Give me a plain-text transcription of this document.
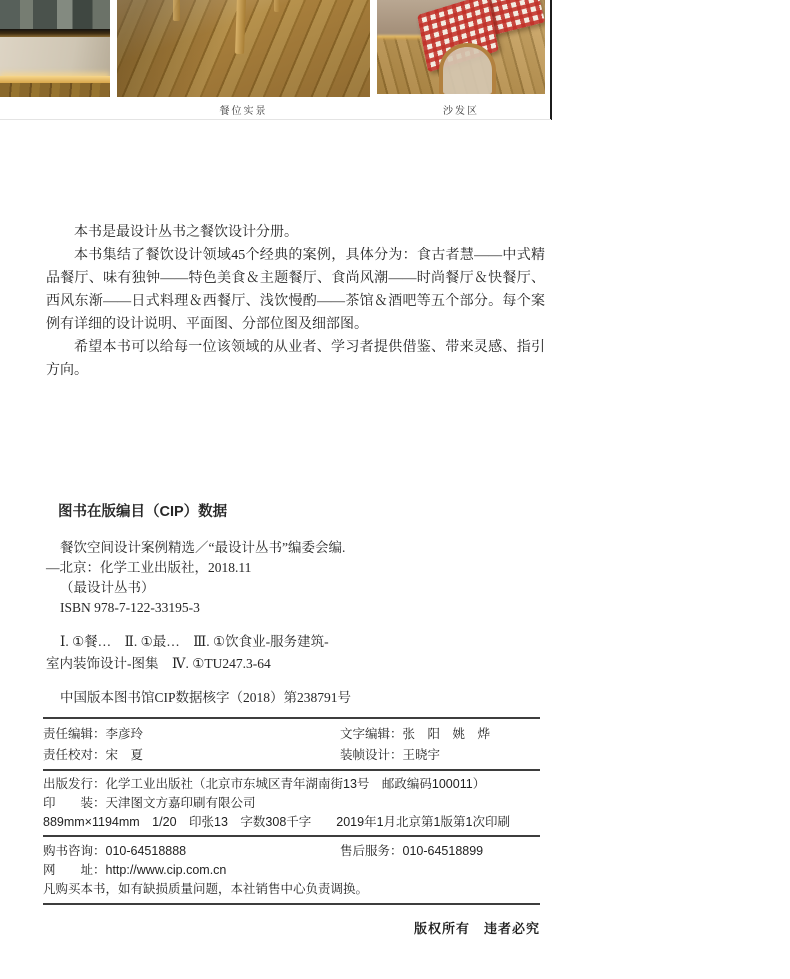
餐位实景	沙发区

本书是最设计丛书之餐饮设计分册。

本书集结了餐饮设计领域45个经典的案例，具体分为：食古者慧——中式精品餐厅、味有独钟——特色美食＆主题餐厅、食尚风潮——时尚餐厅＆快餐厅、西风东渐——日式料理＆西餐厅、浅饮慢酌——茶馆＆酒吧等五个部分。每个案例有详细的设计说明、平面图、分部位图及细部图。

希望本书可以给每一位该领域的从业者、学习者提供借鉴、带来灵感、指引方向。

图书在版编目（CIP）数据

餐饮空间设计案例精选／“最设计丛书”编委会编.

—北京：化学工业出版社，2018.11

（最设计丛书）

ISBN 978-7-122-33195-3

Ⅰ. ①餐…　Ⅱ. ①最…　Ⅲ. ①饮食业-服务建筑-

室内装饰设计-图集　Ⅳ. ①TU247.3-64

中国版本图书馆CIP数据核字（2018）第238791号

责任编辑：李彦玲	文字编辑：张　阳　姚　烨
责任校对：宋　夏	装帧设计：王晓宇
出版发行：化学工业出版社（北京市东城区青年湖南街13号　邮政编码100011）
印　　装：天津图文方嘉印刷有限公司
889mm×1194mm　1/20　印张13　字数308千字　　2019年1月北京第1版第1次印刷
购书咨询：010-64518888	售后服务：010-64518899
网　　址：http://www.cip.com.cn
凡购买本书，如有缺损质量问题，本社销售中心负责调换。
版权所有　违者必究
